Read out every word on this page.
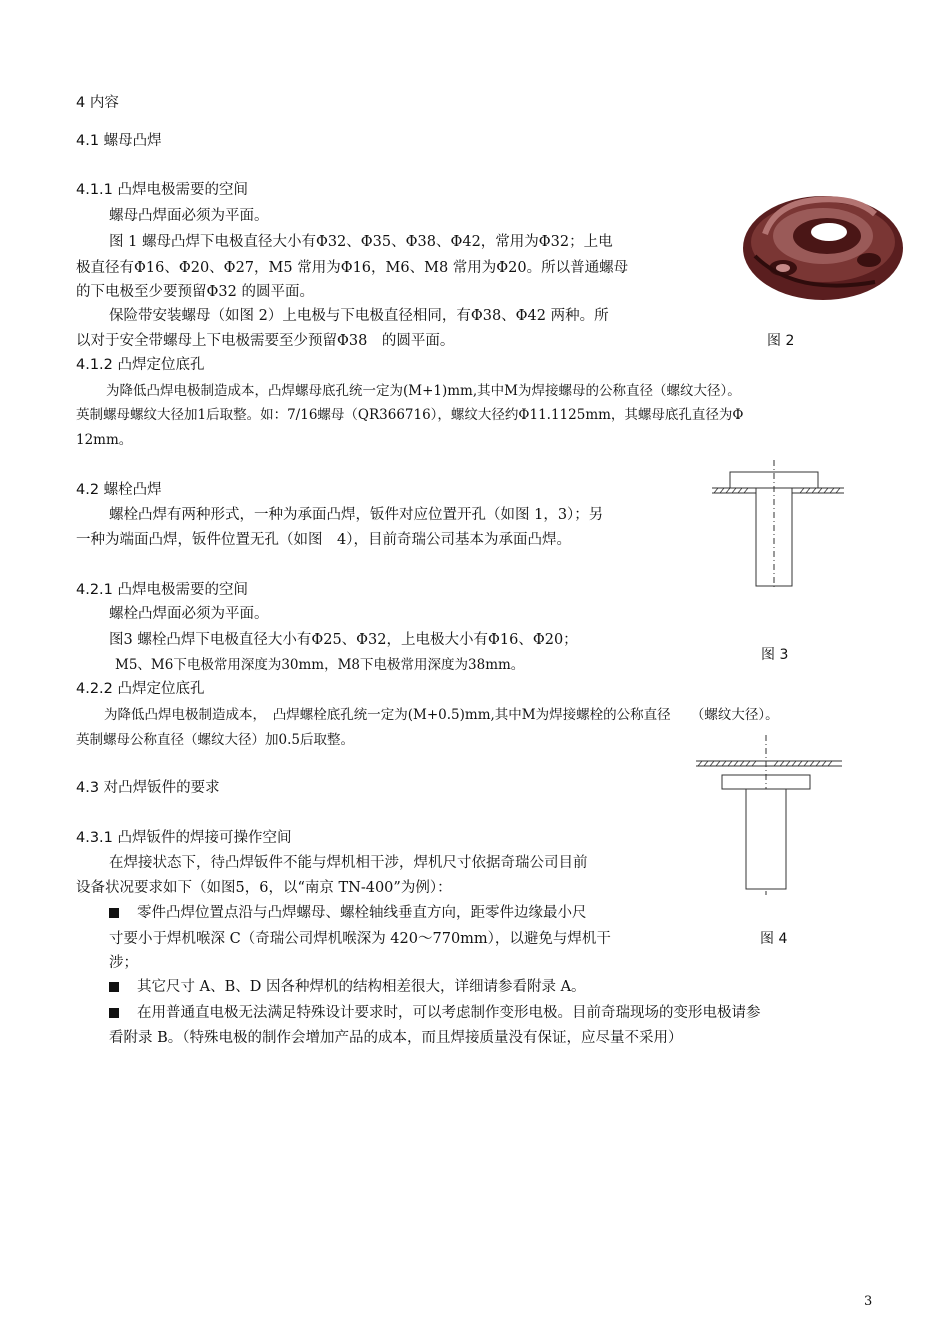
4 内容
4.1 螺母凸焊
4.1.1 凸焊电极需要的空间
螺母凸焊面必须为平面。
图 1 螺母凸焊下电极直径大小有Φ32、Φ35、Φ38、Φ42，常用为Φ32；上电
极直径有Φ16、Φ20、Φ27，M5 常用为Φ16，M6、M8 常用为Φ20。所以普通螺母
的下电极至少要预留Φ32 的圆平面。
保险带安装螺母（如图 2）上电极与下电极直径相同，有Φ38、Φ42 两种。所
以对于安全带螺母上下电极需要至少预留Φ38　的圆平面。	图 2
4.1.2 凸焊定位底孔
为降低凸焊电极制造成本，凸焊螺母底孔统一定为(M+1)mm,其中M为焊接螺母的公称直径（螺纹大径）。
英制螺母螺纹大径加1后取整。如：7/16螺母（QR366716），螺纹大径约Φ11.1125mm，其螺母底孔直径为Φ
12mm。
4.2 螺栓凸焊
螺栓凸焊有两种形式，一种为承面凸焊，钣件对应位置开孔（如图 1，3）；另
一种为端面凸焊，钣件位置无孔（如图　4），目前奇瑞公司基本为承面凸焊。
4.2.1 凸焊电极需要的空间
螺栓凸焊面必须为平面。
图3 螺栓凸焊下电极直径大小有Φ25、Φ32，上电极大小有Φ16、Φ20；
M5、M6下电极常用深度为30mm，M8下电极常用深度为38mm。
图 3
4.2.2 凸焊定位底孔
为降低凸焊电极制造成本，　凸焊螺栓底孔统一定为(M+0.5)mm,其中M为焊接螺栓的公称直径　　（螺纹大径）。
英制螺母公称直径（螺纹大径）加0.5后取整。
4.3 对凸焊钣件的要求
4.3.1 凸焊钣件的焊接可操作空间
在焊接状态下，待凸焊钣件不能与焊机相干涉，焊机尺寸依据奇瑞公司目前
设备状况要求如下（如图5，6，以“南京 TN-400”为例）：
零件凸焊位置点沿与凸焊螺母、螺栓轴线垂直方向，距零件边缘最小尺
寸要小于焊机喉深 C（奇瑞公司焊机喉深为 420～770mm），以避免与焊机干
涉；
图 4
其它尺寸 A、B、D 因各种焊机的结构相差很大，详细请参看附录 A。
在用普通直电极无法满足特殊设计要求时，可以考虑制作变形电极。目前奇瑞现场的变形电极请参
看附录 B。（特殊电极的制作会增加产品的成本，而且焊接质量没有保证，应尽量不采用）
3
